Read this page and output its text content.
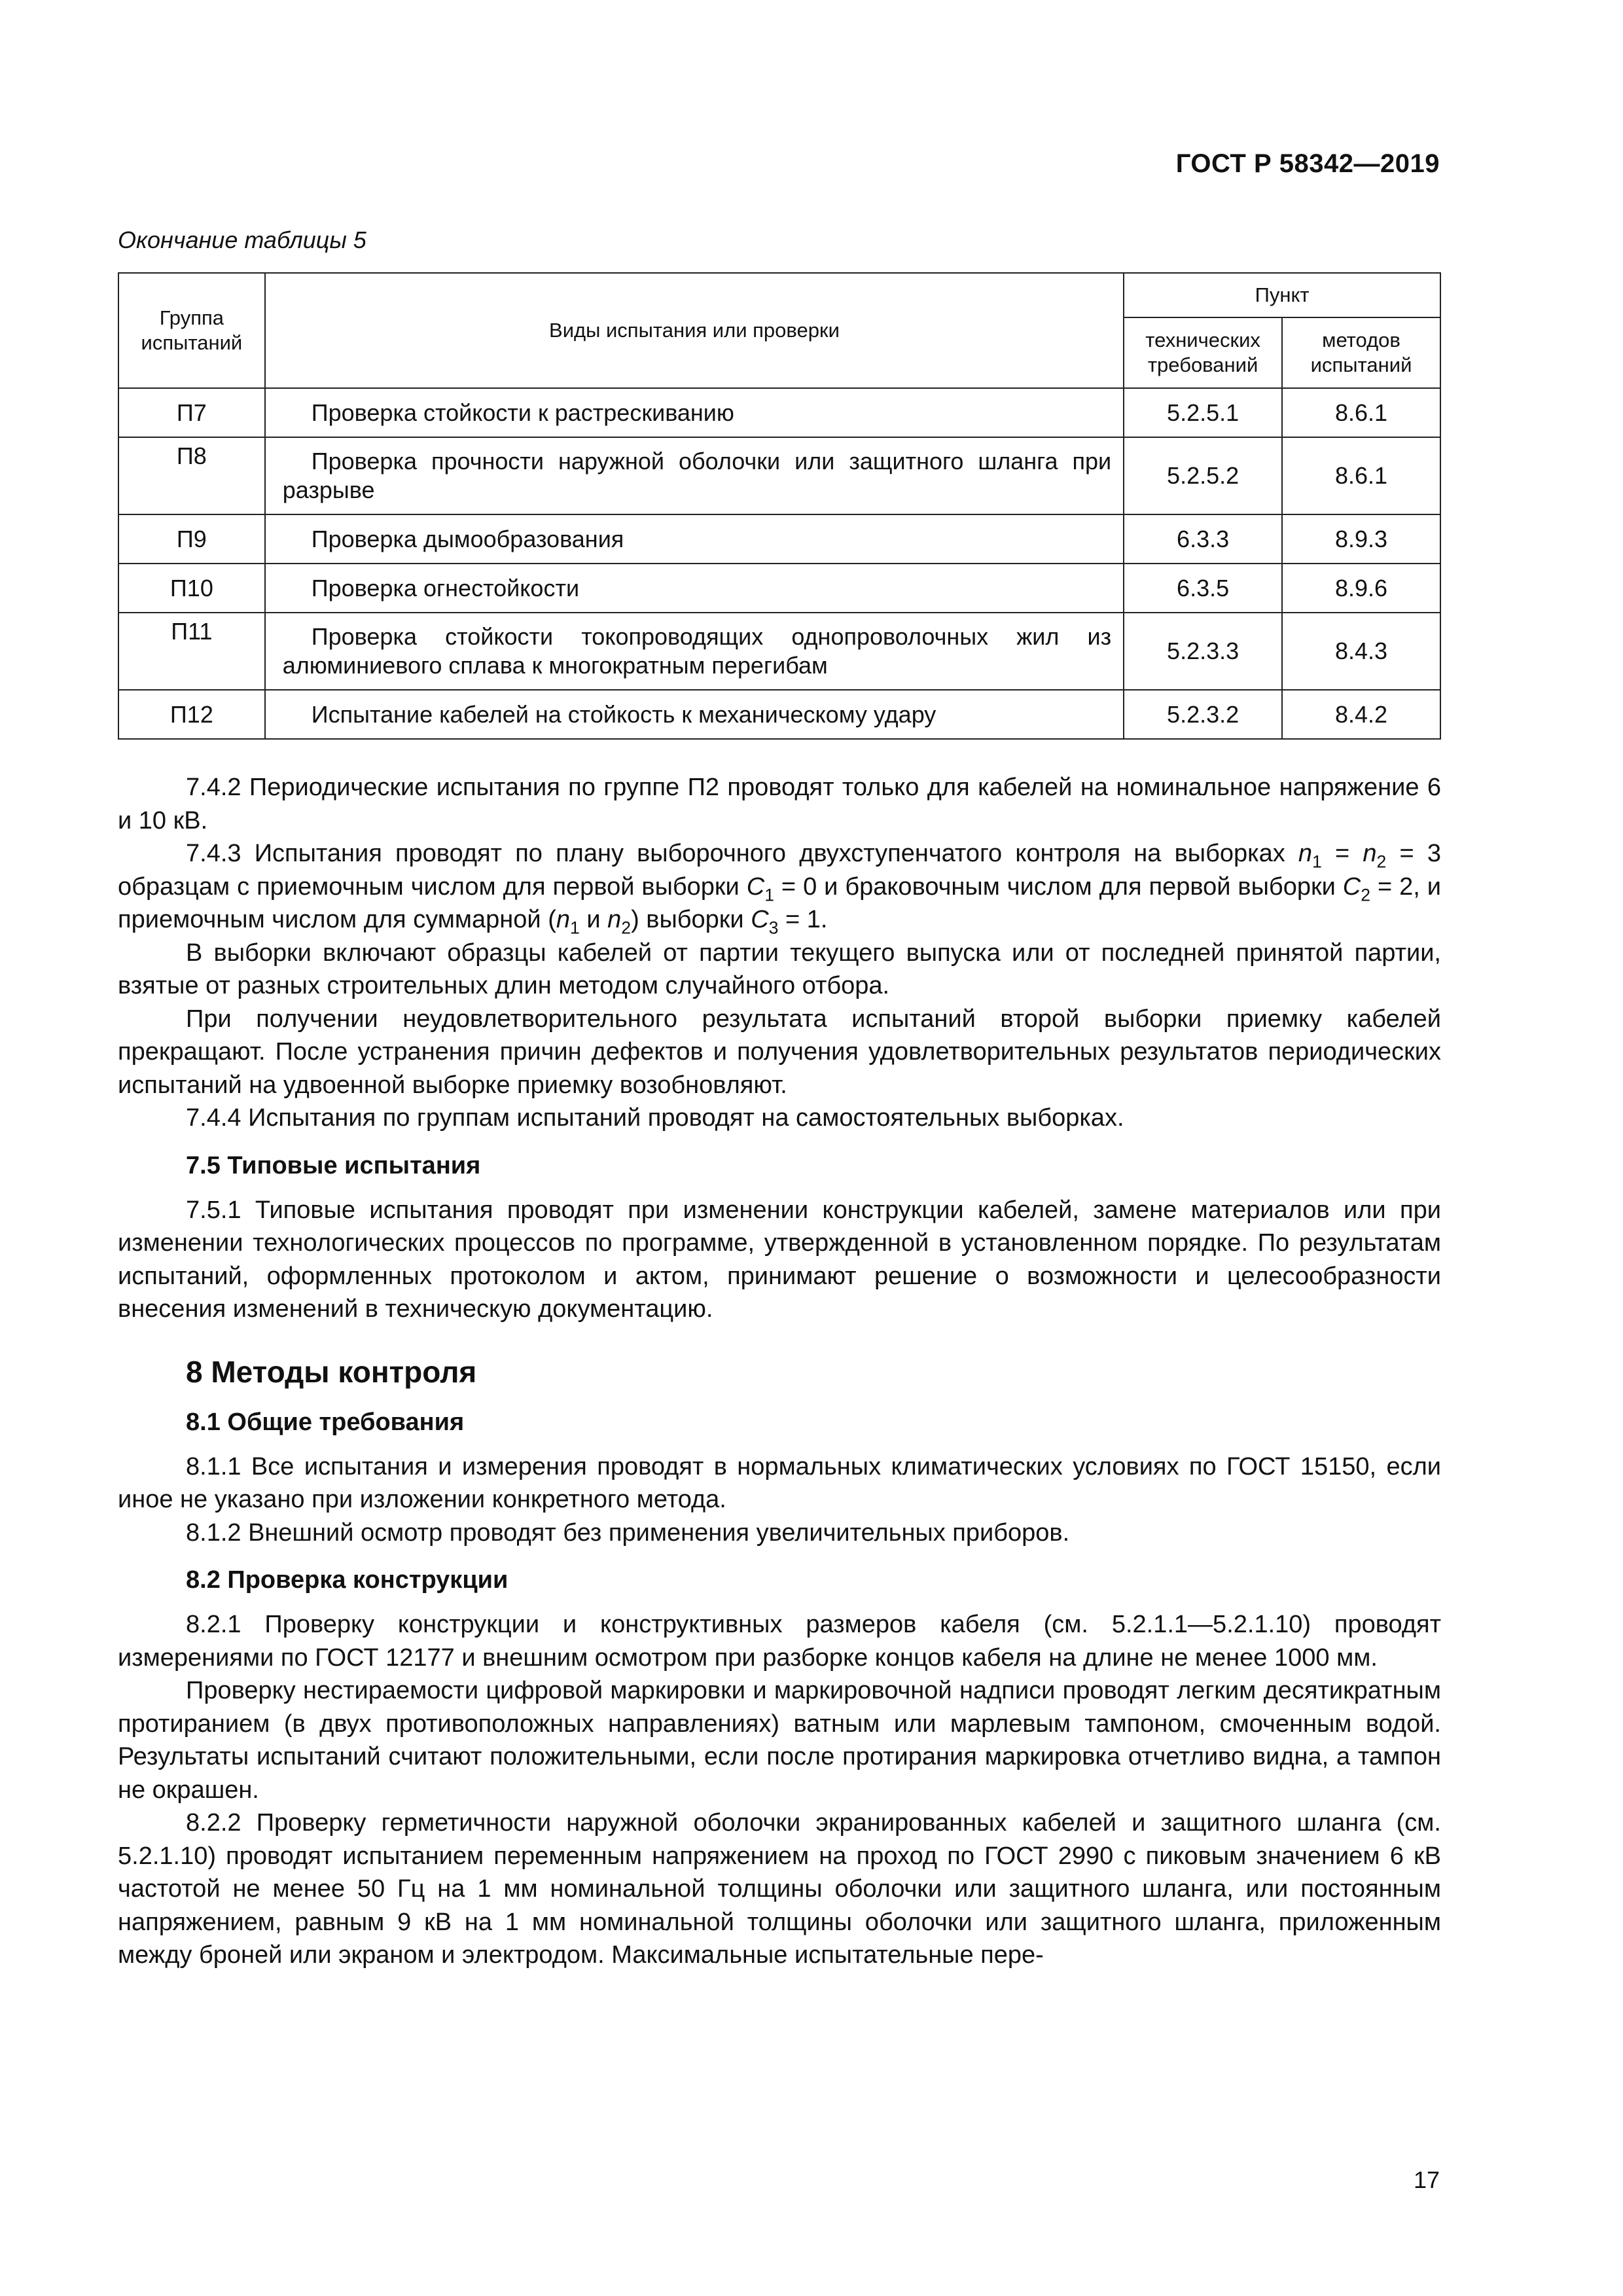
ГОСТ Р 58342—2019
Окончание таблицы 5
Группа испытаний	Виды испытания или проверки	Пункт	
		технических требований	методов испытаний
П7	Проверка стойкости к растрескиванию	5.2.5.1	8.6.1
П8	Проверка прочности наружной оболочки или защитного шланга при разрыве	5.2.5.2	8.6.1
П9	Проверка дымообразования	6.3.3	8.9.3
П10	Проверка огнестойкости	6.3.5	8.9.6
П11	Проверка стойкости токопроводящих однопроволочных жил из алюминиевого сплава к многократным перегибам	5.2.3.3	8.4.3
П12	Испытание кабелей на стойкость к механическому удару	5.2.3.2	8.4.2

7.4.2 Периодические испытания по группе П2 проводят только для кабелей на номинальное напряжение 6 и 10 кВ.

7.4.3 Испытания проводят по плану выборочного двухступенчатого контроля на выборках $n_1 = n_2 = 3$ образцам с приемочным числом для первой выборки $C_1 = 0$ и браковочным числом для первой выборки $C_2 = 2$, и приемочным числом для суммарной ($n_1$ и $n_2$) выборки $C_3 = 1$.

В выборки включают образцы кабелей от партии текущего выпуска или от последней принятой партии, взятые от разных строительных длин методом случайного отбора.

При получении неудовлетворительного результата испытаний второй выборки приемку кабелей прекращают. После устранения причин дефектов и получения удовлетворительных результатов периодических испытаний на удвоенной выборке приемку возобновляют.

7.4.4 Испытания по группам испытаний проводят на самостоятельных выборках.

7.5 Типовые испытания

7.5.1 Типовые испытания проводят при изменении конструкции кабелей, замене материалов или при изменении технологических процессов по программе, утвержденной в установленном порядке. По результатам испытаний, оформленных протоколом и актом, принимают решение о возможности и целесообразности внесения изменений в техническую документацию.

8 Методы контроля
8.1 Общие требования

8.1.1 Все испытания и измерения проводят в нормальных климатических условиях по ГОСТ 15150, если иное не указано при изложении конкретного метода.

8.1.2 Внешний осмотр проводят без применения увеличительных приборов.

8.2 Проверка конструкции

8.2.1 Проверку конструкции и конструктивных размеров кабеля (см. 5.2.1.1—5.2.1.10) проводят измерениями по ГОСТ 12177 и внешним осмотром при разборке концов кабеля на длине не менее 1000 мм.

Проверку нестираемости цифровой маркировки и маркировочной надписи проводят легким десятикратным протиранием (в двух противоположных направлениях) ватным или марлевым тампоном, смоченным водой. Результаты испытаний считают положительными, если после протирания маркировка отчетливо видна, а тампон не окрашен.

8.2.2 Проверку герметичности наружной оболочки экранированных кабелей и защитного шланга (см. 5.2.1.10) проводят испытанием переменным напряжением на проход по ГОСТ 2990 с пиковым значением 6 кВ частотой не менее 50 Гц на 1 мм номинальной толщины оболочки или защитного шланга, или постоянным напряжением, равным 9 кВ на 1 мм номинальной толщины оболочки или защитного шланга, приложенным между броней или экраном и электродом. Максимальные испытательные пере-

17
